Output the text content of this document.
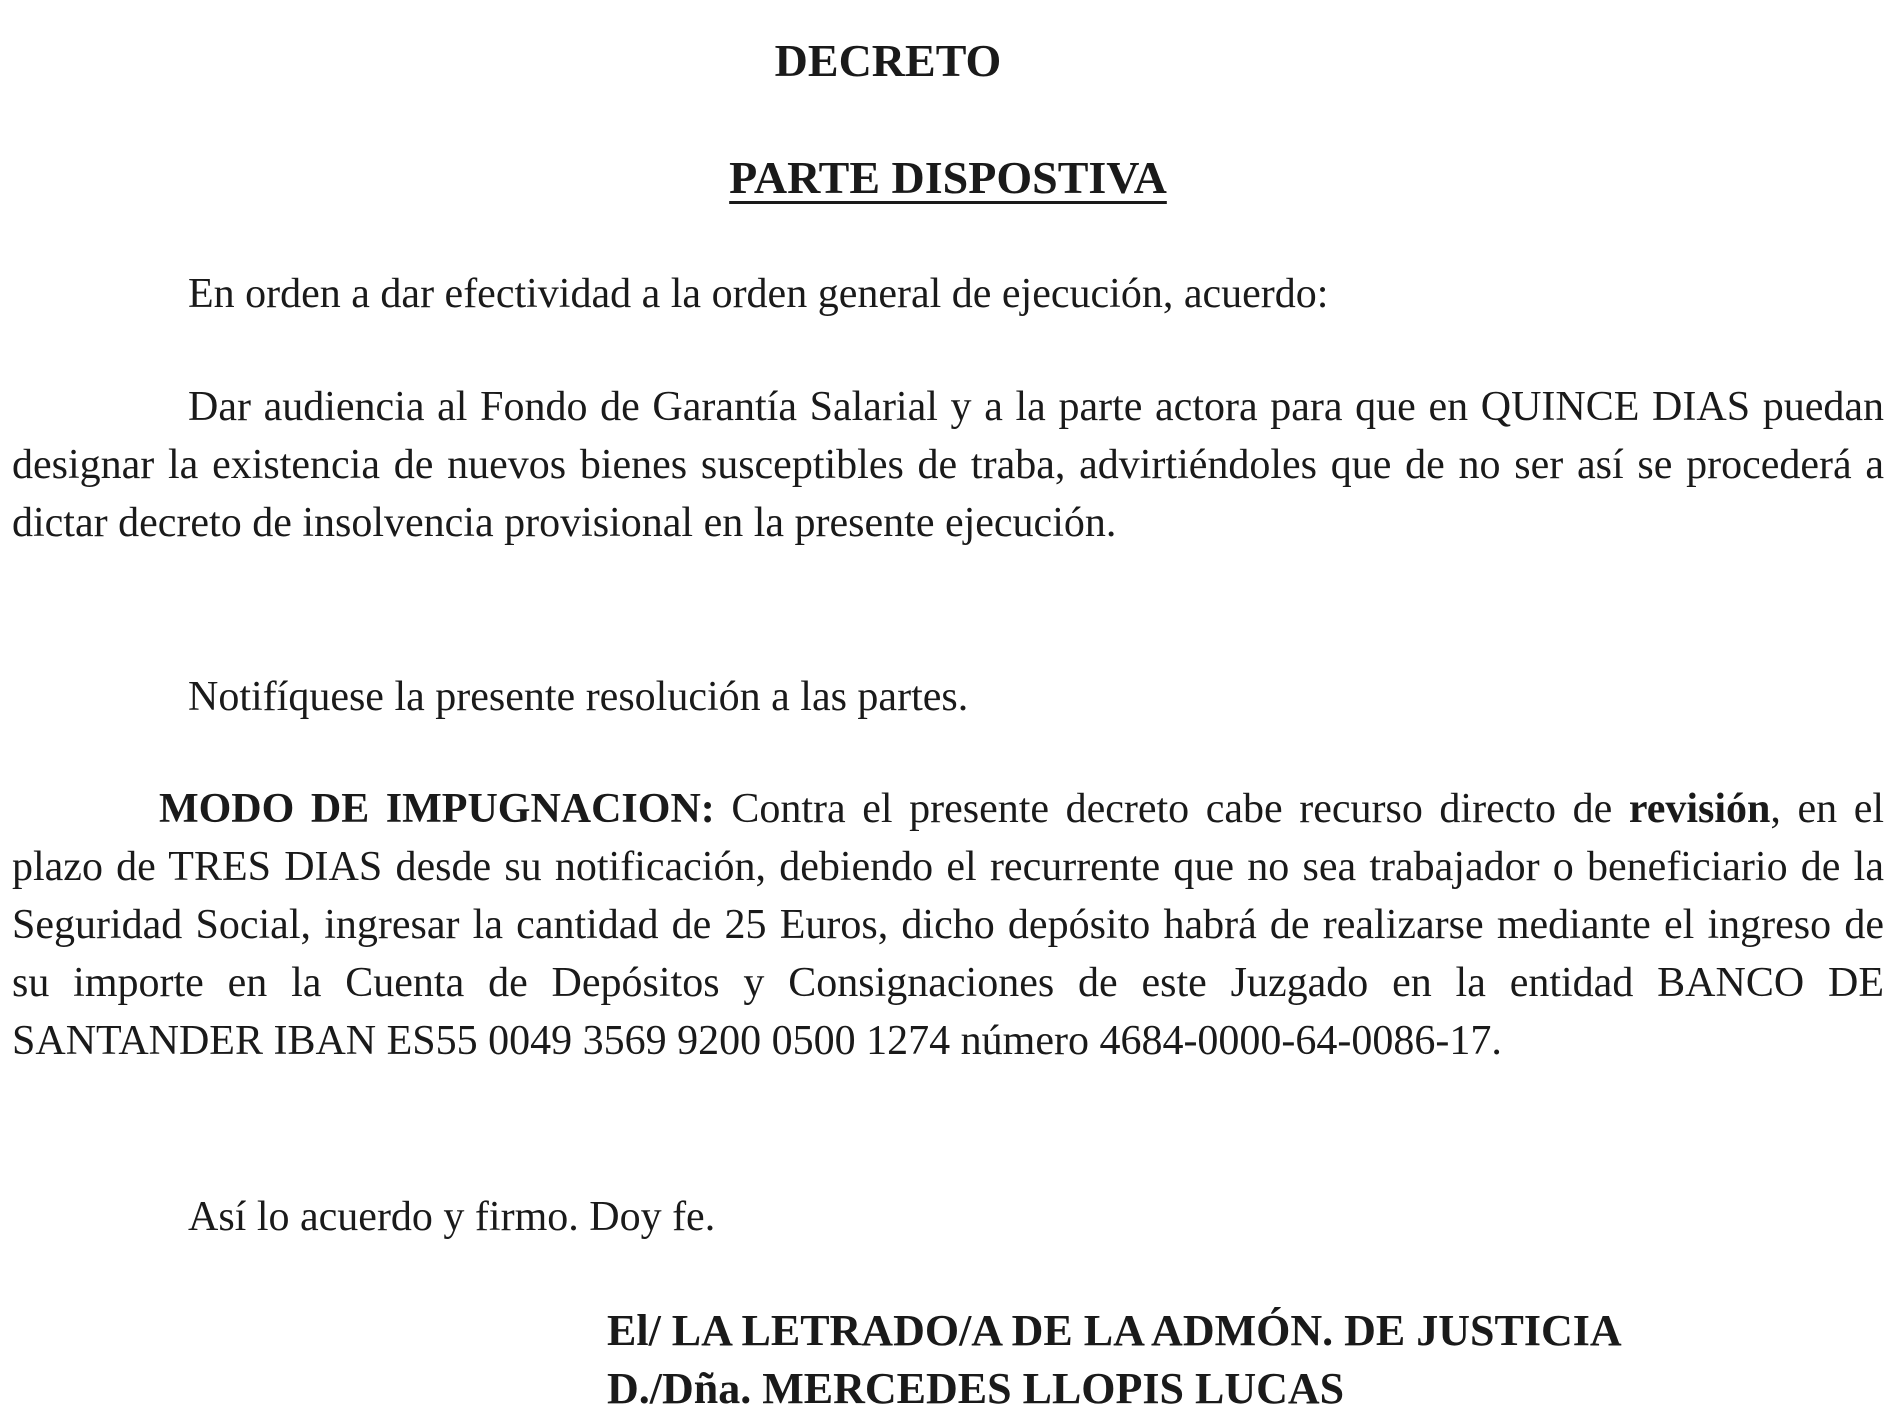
DECRETO
PARTE DISPOSTIVA

En orden a dar efectividad a la orden general de ejecución, acuerdo:

Dar audiencia al Fondo de Garantía Salarial y a la parte actora para que en QUINCE DIAS puedan designar la existencia de nuevos bienes susceptibles de traba, advirtiéndoles que de no ser así se procederá a dictar decreto de insolvencia provisional en la presente ejecución.

Notifíquese la presente resolución a las partes.

MODO DE IMPUGNACION: Contra el presente decreto cabe recurso directo de revisión, en el plazo de TRES DIAS desde su notificación, debiendo el recurrente que no sea trabajador o beneficiario de la Seguridad Social, ingresar la cantidad de 25 Euros, dicho depósito habrá de realizarse mediante el ingreso de su importe en la Cuenta de Depósitos y Consignaciones de este Juzgado en la entidad BANCO DE SANTANDER IBAN ES55 0049 3569 9200 0500 1274 número 4684-0000-64-0086-17.

Así lo acuerdo y firmo. Doy fe.

El/ LA LETRADO/A DE LA ADMÓN. DE JUSTICIA

D./Dña. MERCEDES LLOPIS LUCAS
